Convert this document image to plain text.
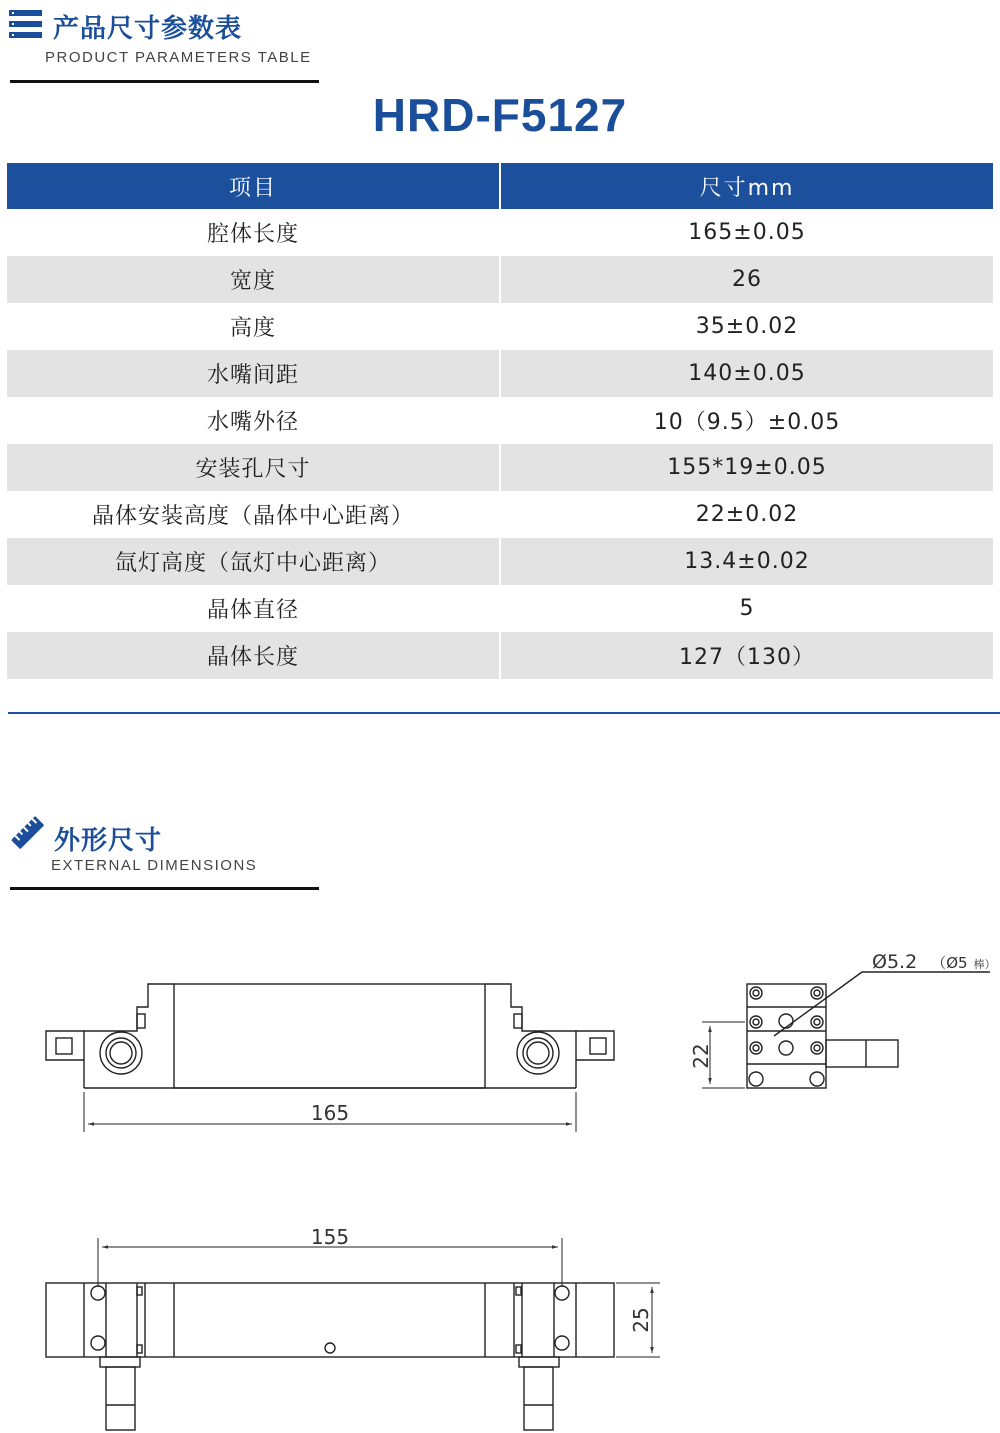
产品尺寸参数表
PRODUCT PARAMETERS TABLE
HRD-F5127
项目	尺寸mm
腔体长度	165±0.05
宽度	26
高度	35±0.02
水嘴间距	140±0.05
水嘴外径	10（9.5）±0.05
安装孔尺寸	155*19±0.05
晶体安装高度（晶体中心距离）	22±0.02
氙灯高度（氙灯中心距离）	13.4±0.02
晶体直径	5
晶体长度	127（130）
外形尺寸
EXTERNAL DIMENSIONS
165
22
Ø5.2 （Ø5 棒）
155
25
